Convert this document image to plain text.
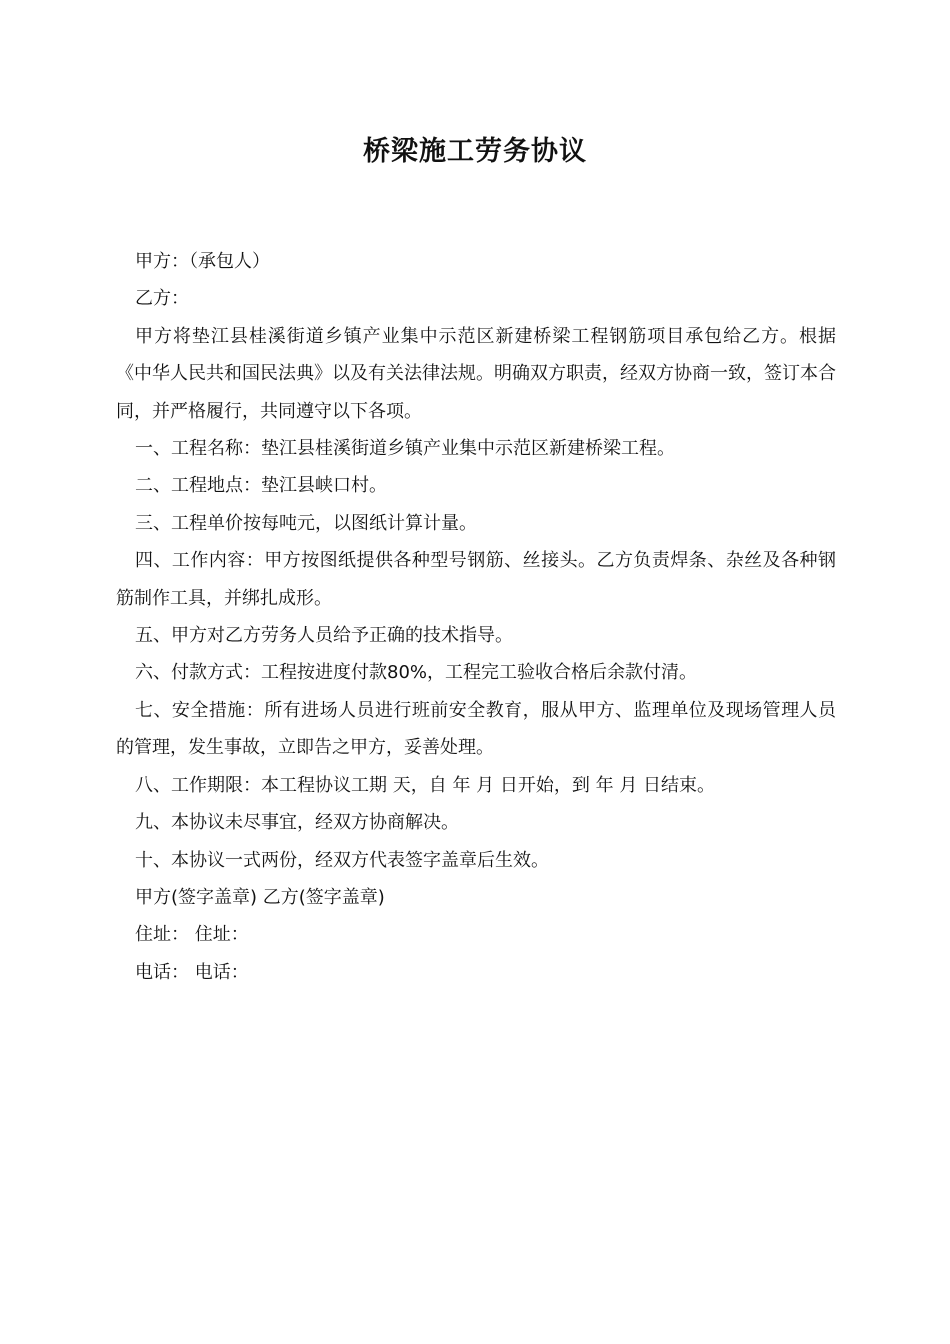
桥梁施工劳务协议

甲方：（承包人）

乙方：

甲方将垫江县桂溪街道乡镇产业集中示范区新建桥梁工程钢筋项目承包给乙方。根据《中华人民共和国民法典》以及有关法律法规。明确双方职责，经双方协商一致，签订本合同，并严格履行，共同遵守以下各项。

一、工程名称：垫江县桂溪街道乡镇产业集中示范区新建桥梁工程。

二、工程地点：垫江县峡口村。

三、工程单价按每吨元，以图纸计算计量。

四、工作内容：甲方按图纸提供各种型号钢筋、丝接头。乙方负责焊条、杂丝及各种钢筋制作工具，并绑扎成形。

五、甲方对乙方劳务人员给予正确的技术指导。

六、付款方式：工程按进度付款80%，工程完工验收合格后余款付清。

七、安全措施：所有进场人员进行班前安全教育，服从甲方、监理单位及现场管理人员的管理，发生事故，立即告之甲方，妥善处理。

八、工作期限：本工程协议工期 天，自 年 月 日开始，到 年 月 日结束。

九、本协议未尽事宜，经双方协商解决。

十、本协议一式两份，经双方代表签字盖章后生效。

甲方(签字盖章) 乙方(签字盖章)

住址： 住址：

电话： 电话：
